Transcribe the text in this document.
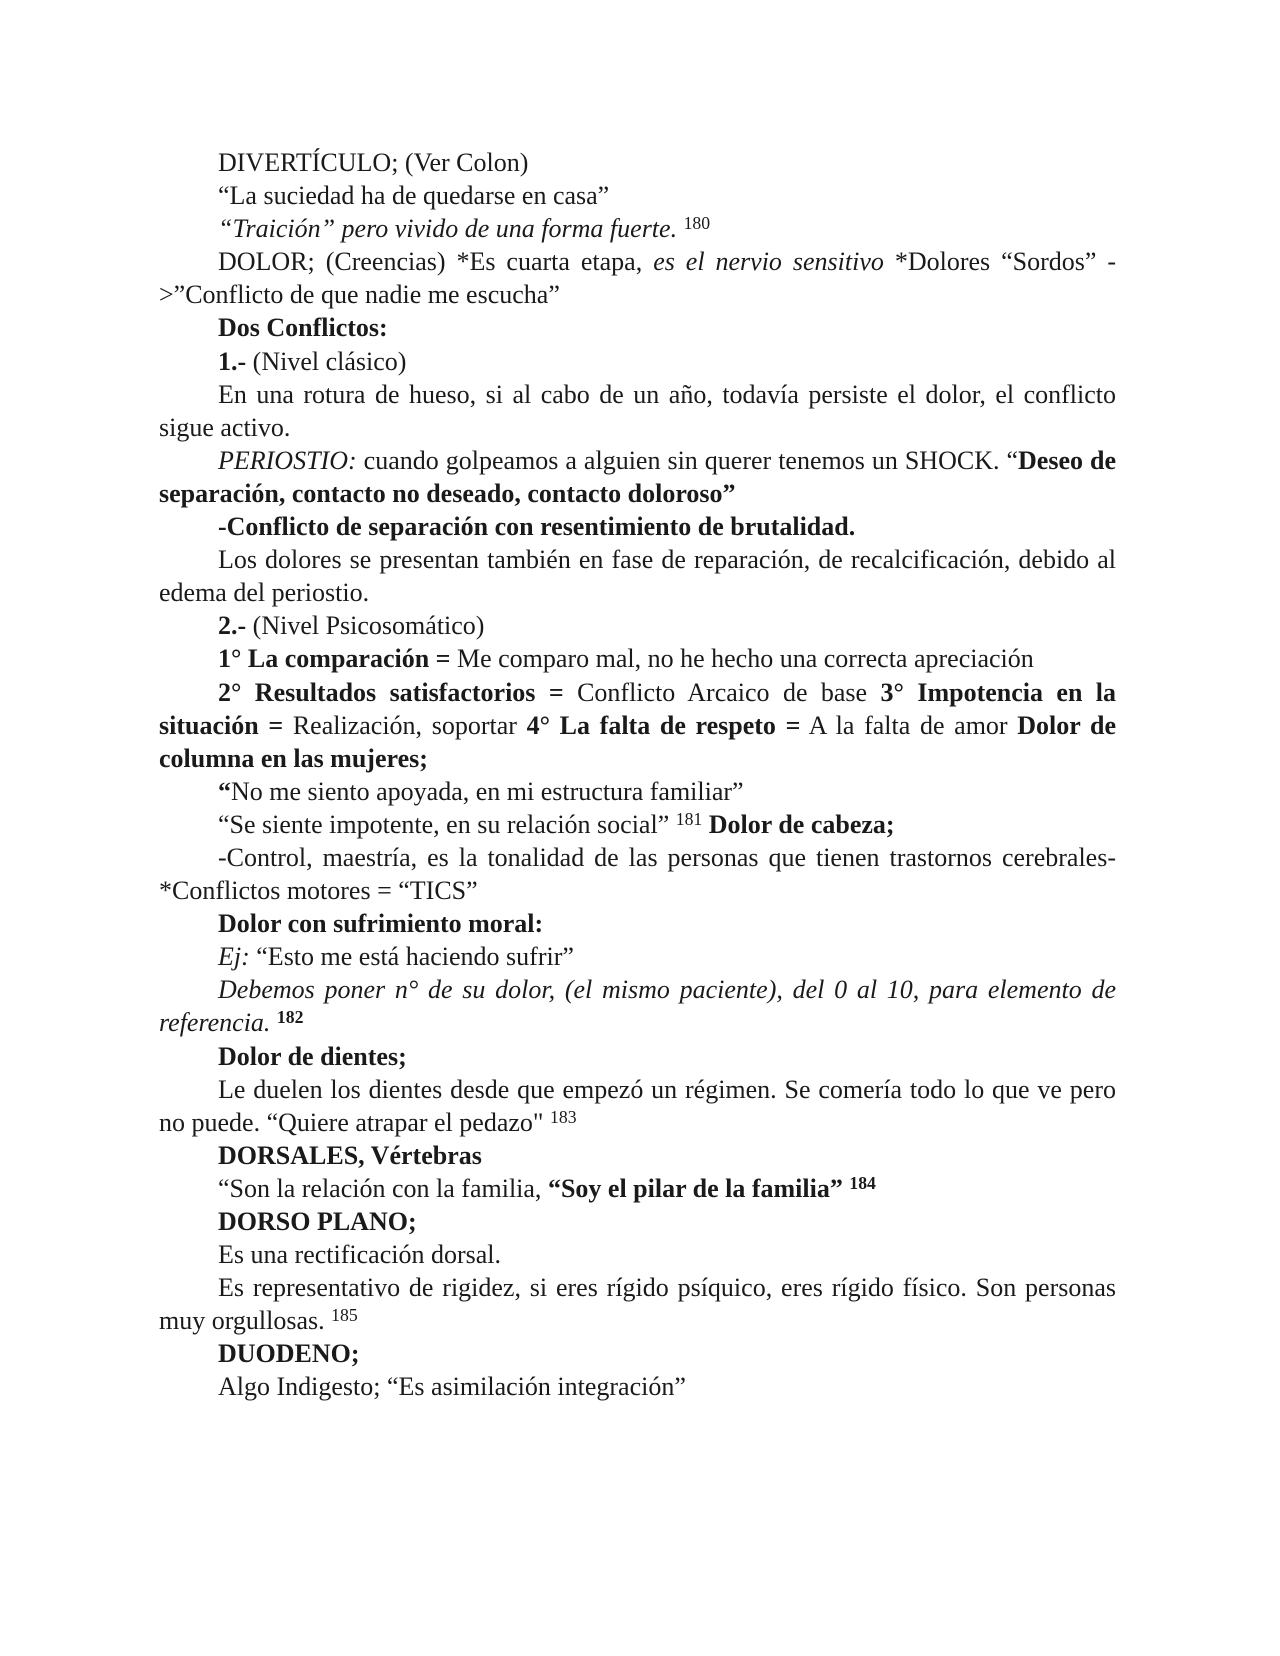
DIVERTÍCULO; (Ver Colon)

“La suciedad ha de quedarse en casa”

“Traición” pero vivido de una forma fuerte. $^{180}$

DOLOR; (Creencias) *Es cuarta etapa, es el nervio sensitivo *Dolores “Sordos” ->”Conflicto de que nadie me escucha”

Dos Conflictos:

1.- (Nivel clásico)

En una rotura de hueso, si al cabo de un año, todavía persiste el dolor, el conflicto sigue activo.

PERIOSTIO: cuando golpeamos a alguien sin querer tenemos un SHOCK. “Deseo de separación, contacto no deseado, contacto doloroso”

-Conflicto de separación con resentimiento de brutalidad.

Los dolores se presentan también en fase de reparación, de recalcificación, debido al edema del periostio.

2.- (Nivel Psicosomático)

1° La comparación = Me comparo mal, no he hecho una correcta apreciación

2° Resultados satisfactorios = Conflicto Arcaico de base 3° Impotencia en la situación = Realización, soportar 4° La falta de respeto = A la falta de amor Dolor de columna en las mujeres;

“No me siento apoyada, en mi estructura familiar”

“Se siente impotente, en su relación social” $^{181}$ Dolor de cabeza;

-Control, maestría, es la tonalidad de las personas que tienen trastornos cerebrales-*Conflictos motores = “TICS”

Dolor con sufrimiento moral:

Ej: “Esto me está haciendo sufrir”

Debemos poner n° de su dolor, (el mismo paciente), del 0 al 10, para elemento de referencia. $^{182}$

Dolor de dientes;

Le duelen los dientes desde que empezó un régimen. Se comería todo lo que ve pero no puede. “Quiere atrapar el pedazo" $^{183}$

DORSALES, Vértebras

“Son la relación con la familia, “Soy el pilar de la familia” $^{184}$

DORSO PLANO;

Es una rectificación dorsal.

Es representativo de rigidez, si eres rígido psíquico, eres rígido físico. Son personas muy orgullosas. $^{185}$

DUODENO;

Algo Indigesto; “Es asimilación integración”
